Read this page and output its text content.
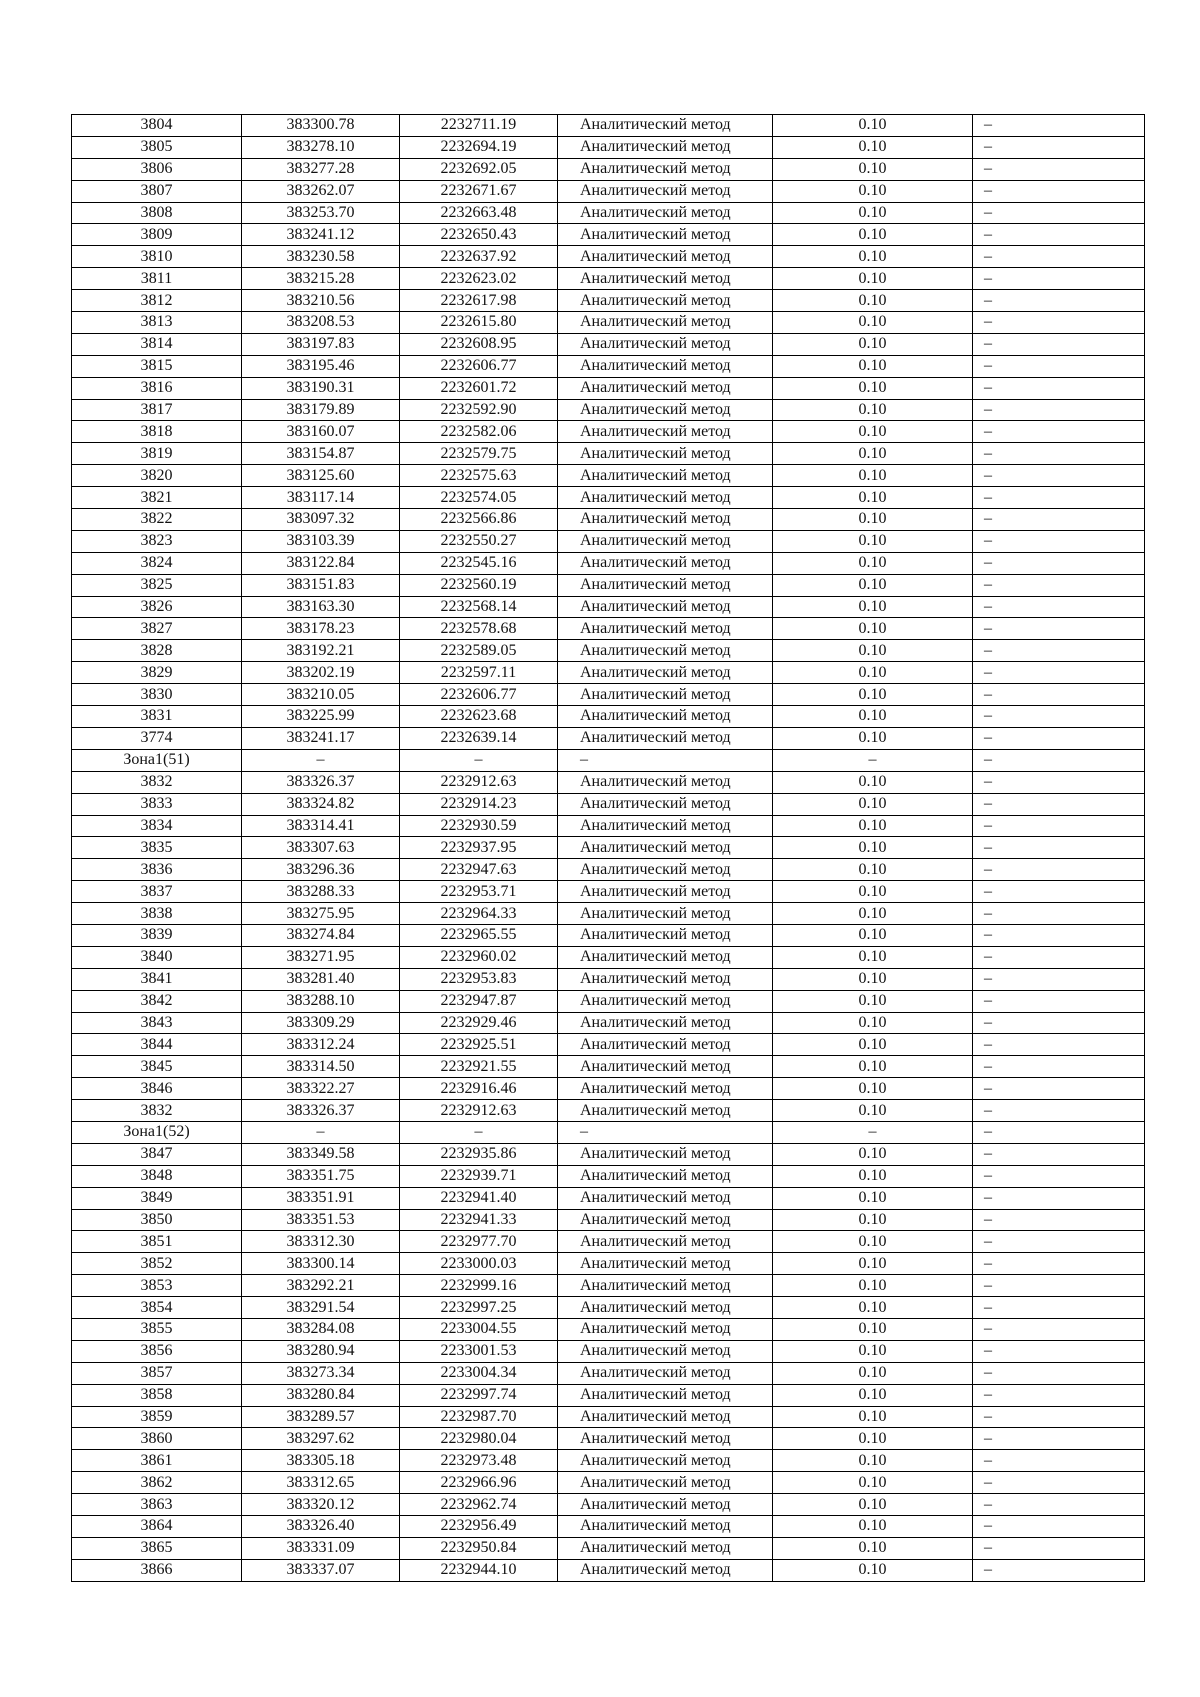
3804	383300.78	2232711.19	Аналитический метод	0.10	–
3805	383278.10	2232694.19	Аналитический метод	0.10	–
3806	383277.28	2232692.05	Аналитический метод	0.10	–
3807	383262.07	2232671.67	Аналитический метод	0.10	–
3808	383253.70	2232663.48	Аналитический метод	0.10	–
3809	383241.12	2232650.43	Аналитический метод	0.10	–
3810	383230.58	2232637.92	Аналитический метод	0.10	–
3811	383215.28	2232623.02	Аналитический метод	0.10	–
3812	383210.56	2232617.98	Аналитический метод	0.10	–
3813	383208.53	2232615.80	Аналитический метод	0.10	–
3814	383197.83	2232608.95	Аналитический метод	0.10	–
3815	383195.46	2232606.77	Аналитический метод	0.10	–
3816	383190.31	2232601.72	Аналитический метод	0.10	–
3817	383179.89	2232592.90	Аналитический метод	0.10	–
3818	383160.07	2232582.06	Аналитический метод	0.10	–
3819	383154.87	2232579.75	Аналитический метод	0.10	–
3820	383125.60	2232575.63	Аналитический метод	0.10	–
3821	383117.14	2232574.05	Аналитический метод	0.10	–
3822	383097.32	2232566.86	Аналитический метод	0.10	–
3823	383103.39	2232550.27	Аналитический метод	0.10	–
3824	383122.84	2232545.16	Аналитический метод	0.10	–
3825	383151.83	2232560.19	Аналитический метод	0.10	–
3826	383163.30	2232568.14	Аналитический метод	0.10	–
3827	383178.23	2232578.68	Аналитический метод	0.10	–
3828	383192.21	2232589.05	Аналитический метод	0.10	–
3829	383202.19	2232597.11	Аналитический метод	0.10	–
3830	383210.05	2232606.77	Аналитический метод	0.10	–
3831	383225.99	2232623.68	Аналитический метод	0.10	–
3774	383241.17	2232639.14	Аналитический метод	0.10	–
Зона1(51)	–	–	–	–	–
3832	383326.37	2232912.63	Аналитический метод	0.10	–
3833	383324.82	2232914.23	Аналитический метод	0.10	–
3834	383314.41	2232930.59	Аналитический метод	0.10	–
3835	383307.63	2232937.95	Аналитический метод	0.10	–
3836	383296.36	2232947.63	Аналитический метод	0.10	–
3837	383288.33	2232953.71	Аналитический метод	0.10	–
3838	383275.95	2232964.33	Аналитический метод	0.10	–
3839	383274.84	2232965.55	Аналитический метод	0.10	–
3840	383271.95	2232960.02	Аналитический метод	0.10	–
3841	383281.40	2232953.83	Аналитический метод	0.10	–
3842	383288.10	2232947.87	Аналитический метод	0.10	–
3843	383309.29	2232929.46	Аналитический метод	0.10	–
3844	383312.24	2232925.51	Аналитический метод	0.10	–
3845	383314.50	2232921.55	Аналитический метод	0.10	–
3846	383322.27	2232916.46	Аналитический метод	0.10	–
3832	383326.37	2232912.63	Аналитический метод	0.10	–
Зона1(52)	–	–	–	–	–
3847	383349.58	2232935.86	Аналитический метод	0.10	–
3848	383351.75	2232939.71	Аналитический метод	0.10	–
3849	383351.91	2232941.40	Аналитический метод	0.10	–
3850	383351.53	2232941.33	Аналитический метод	0.10	–
3851	383312.30	2232977.70	Аналитический метод	0.10	–
3852	383300.14	2233000.03	Аналитический метод	0.10	–
3853	383292.21	2232999.16	Аналитический метод	0.10	–
3854	383291.54	2232997.25	Аналитический метод	0.10	–
3855	383284.08	2233004.55	Аналитический метод	0.10	–
3856	383280.94	2233001.53	Аналитический метод	0.10	–
3857	383273.34	2233004.34	Аналитический метод	0.10	–
3858	383280.84	2232997.74	Аналитический метод	0.10	–
3859	383289.57	2232987.70	Аналитический метод	0.10	–
3860	383297.62	2232980.04	Аналитический метод	0.10	–
3861	383305.18	2232973.48	Аналитический метод	0.10	–
3862	383312.65	2232966.96	Аналитический метод	0.10	–
3863	383320.12	2232962.74	Аналитический метод	0.10	–
3864	383326.40	2232956.49	Аналитический метод	0.10	–
3865	383331.09	2232950.84	Аналитический метод	0.10	–
3866	383337.07	2232944.10	Аналитический метод	0.10	–
